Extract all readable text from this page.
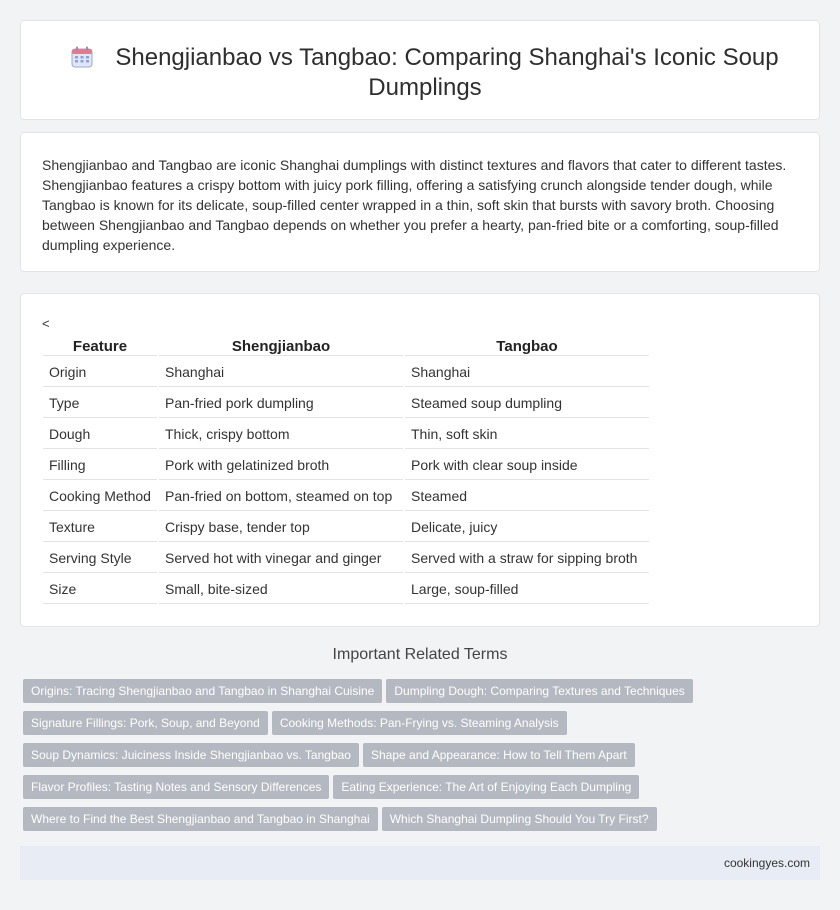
Shengjianbao vs Tangbao: Comparing Shanghai's Iconic Soup Dumplings

Shengjianbao and Tangbao are iconic Shanghai dumplings with distinct textures and flavors that cater to different tastes. Shengjianbao features a crispy bottom with juicy pork filling, offering a satisfying crunch alongside tender dough, while Tangbao is known for its delicate, soup-filled center wrapped in a thin, soft skin that bursts with savory broth. Choosing between Shengjianbao and Tangbao depends on whether you prefer a hearty, pan-fried bite or a comforting, soup-filled dumpling experience.

<
Feature	Shengjianbao	Tangbao
Origin	Shanghai	Shanghai
Type	Pan-fried pork dumpling	Steamed soup dumpling
Dough	Thick, crispy bottom	Thin, soft skin
Filling	Pork with gelatinized broth	Pork with clear soup inside
Cooking Method	Pan-fried on bottom, steamed on top	Steamed
Texture	Crispy base, tender top	Delicate, juicy
Serving Style	Served hot with vinegar and ginger	Served with a straw for sipping broth
Size	Small, bite-sized	Large, soup-filled
Important Related Terms
Origins: Tracing Shengjianbao and Tangbao in Shanghai Cuisine Dumpling Dough: Comparing Textures and Techniques
Signature Fillings: Pork, Soup, and Beyond Cooking Methods: Pan-Frying vs. Steaming Analysis
Soup Dynamics: Juiciness Inside Shengjianbao vs. Tangbao Shape and Appearance: How to Tell Them Apart
Flavor Profiles: Tasting Notes and Sensory Differences Eating Experience: The Art of Enjoying Each Dumpling
Where to Find the Best Shengjianbao and Tangbao in Shanghai Which Shanghai Dumpling Should You Try First?
cookingyes.com
